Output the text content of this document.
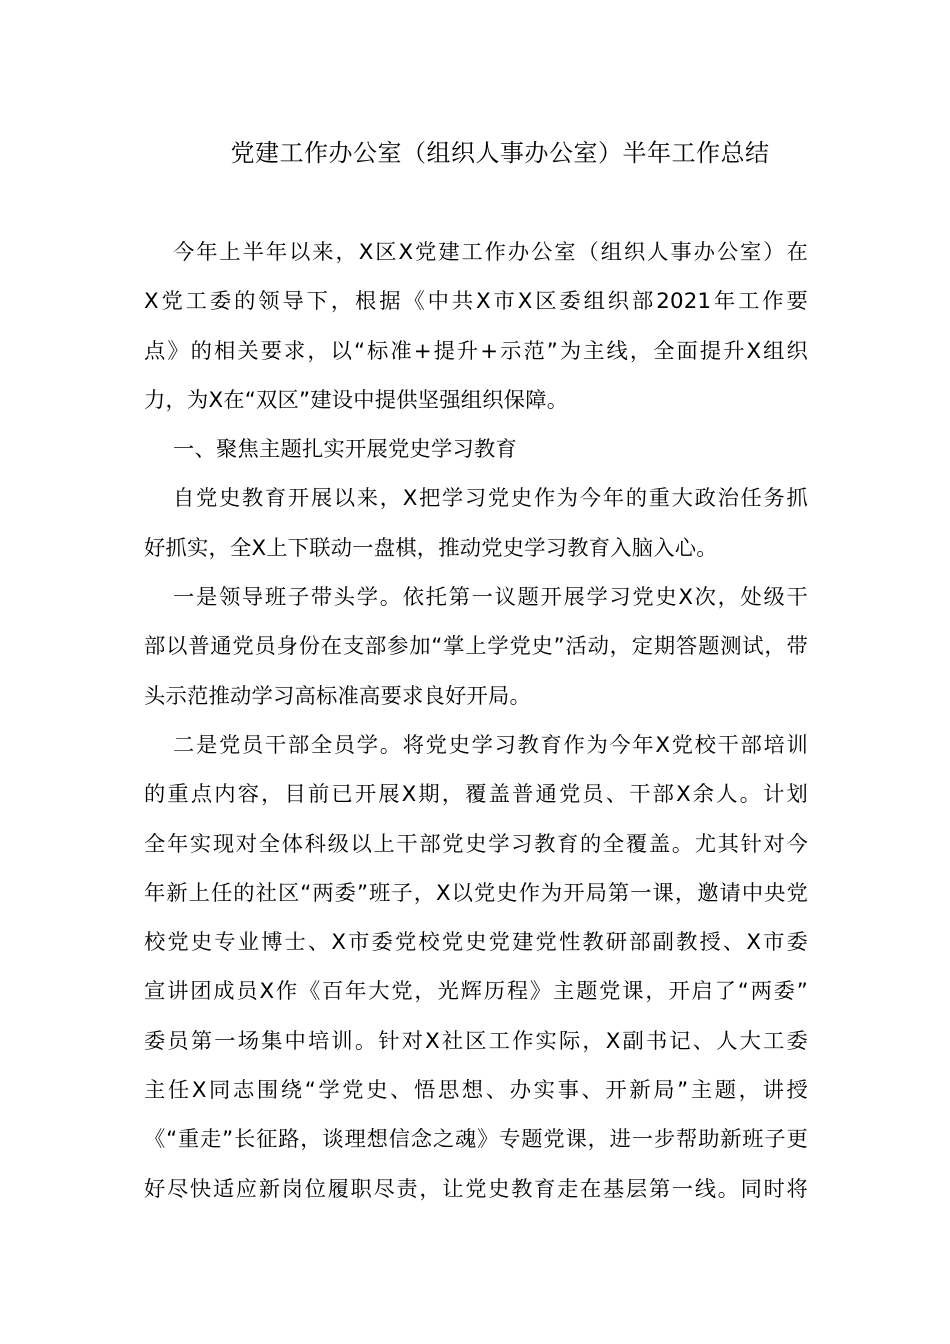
党建工作办公室（组织人事办公室）半年工作总结
今年上半年以来，X区X党建工作办公室（组织人事办公室）在
X党工委的领导下，根据《中共X市X区委组织部2021年工作要
点》的相关要求，以“标准+提升+示范”为主线，全面提升X组织
力，为X在“双区”建设中提供坚强组织保障。
一、聚焦主题扎实开展党史学习教育
自党史教育开展以来，X把学习党史作为今年的重大政治任务抓
好抓实，全X上下联动一盘棋，推动党史学习教育入脑入心。
一是领导班子带头学。依托第一议题开展学习党史X次，处级干
部以普通党员身份在支部参加“掌上学党史”活动，定期答题测试，带
头示范推动学习高标准高要求良好开局。
二是党员干部全员学。将党史学习教育作为今年X党校干部培训
的重点内容，目前已开展X期，覆盖普通党员、干部X余人。计划
全年实现对全体科级以上干部党史学习教育的全覆盖。尤其针对今
年新上任的社区“两委”班子，X以党史作为开局第一课，邀请中央党
校党史专业博士、X市委党校党史党建党性教研部副教授、X市委
宣讲团成员X作《百年大党，光辉历程》主题党课，开启了“两委”
委员第一场集中培训。针对X社区工作实际，X副书记、人大工委
主任X同志围绕“学党史、悟思想、办实事、开新局”主题，讲授
《“重走”长征路，谈理想信念之魂》专题党课，进一步帮助新班子更
好尽快适应新岗位履职尽责，让党史教育走在基层第一线。同时将
